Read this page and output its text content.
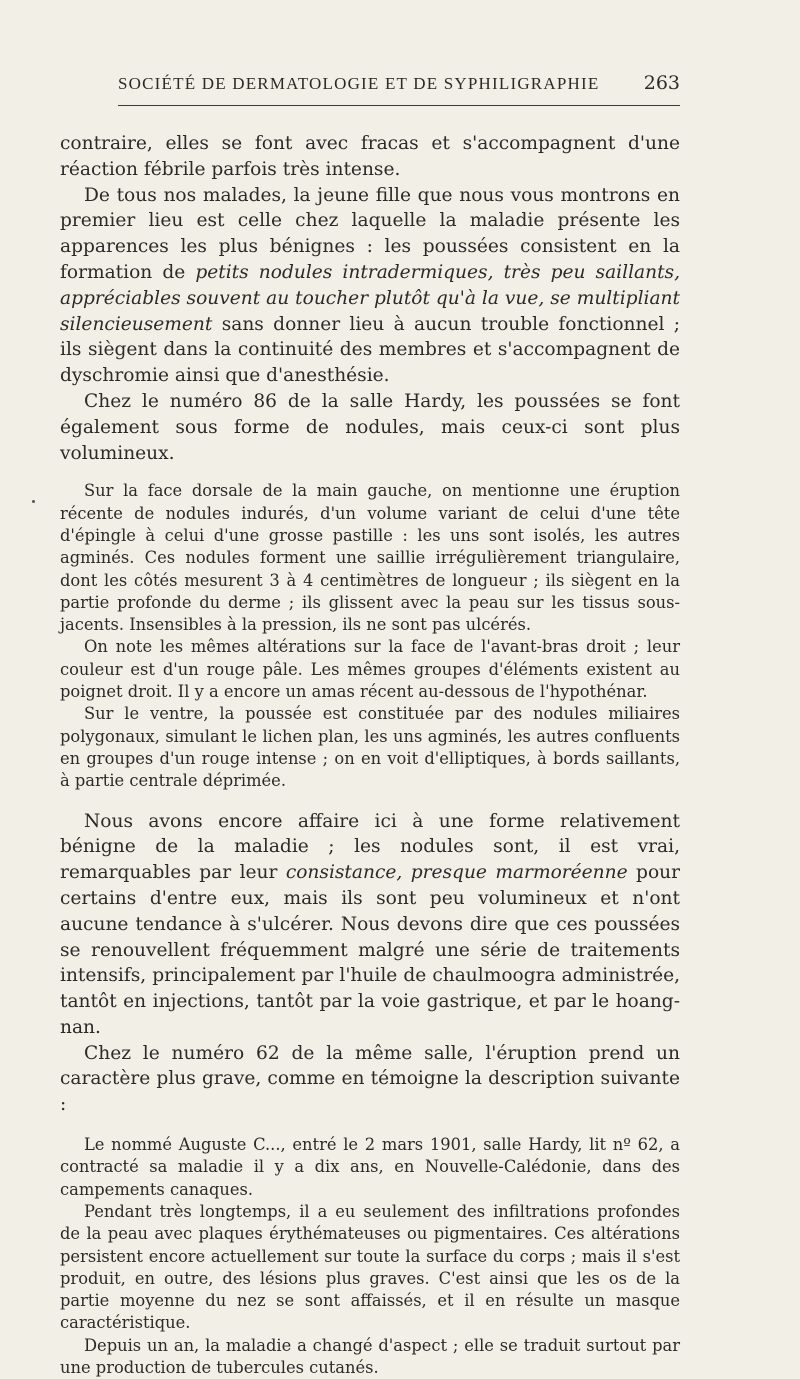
SOCIÉTÉ DE DERMATOLOGIE ET DE SYPHILIGRAPHIE 263

contraire, elles se font avec fracas et s'accompagnent d'une réaction fébrile parfois très intense.

De tous nos malades, la jeune fille que nous vous montrons en premier lieu est celle chez laquelle la maladie présente les apparences les plus bénignes : les poussées consistent en la formation de petits nodules intradermiques, très peu saillants, appréciables souvent au toucher plutôt qu'à la vue, se multipliant silencieusement sans donner lieu à aucun trouble fonctionnel ; ils siègent dans la continuité des membres et s'accompagnent de dyschromie ainsi que d'anesthésie.

Chez le numéro 86 de la salle Hardy, les poussées se font également sous forme de nodules, mais ceux-ci sont plus volumineux.

Sur la face dorsale de la main gauche, on mentionne une éruption récente de nodules indurés, d'un volume variant de celui d'une tête d'épingle à celui d'une grosse pastille : les uns sont isolés, les autres agminés. Ces nodules forment une saillie irrégulièrement triangulaire, dont les côtés mesurent 3 à 4 centimètres de longueur ; ils siègent en la partie profonde du derme ; ils glissent avec la peau sur les tissus sous-jacents. Insensibles à la pression, ils ne sont pas ulcérés.

On note les mêmes altérations sur la face de l'avant-bras droit ; leur couleur est d'un rouge pâle. Les mêmes groupes d'éléments existent au poignet droit. Il y a encore un amas récent au-dessous de l'hypothénar.

Sur le ventre, la poussée est constituée par des nodules miliaires polygonaux, simulant le lichen plan, les uns agminés, les autres confluents en groupes d'un rouge intense ; on en voit d'elliptiques, à bords saillants, à partie centrale déprimée.

Nous avons encore affaire ici à une forme relativement bénigne de la maladie ; les nodules sont, il est vrai, remarquables par leur consistance, presque marmoréenne pour certains d'entre eux, mais ils sont peu volumineux et n'ont aucune tendance à s'ulcérer. Nous devons dire que ces poussées se renouvellent fréquemment malgré une série de traitements intensifs, principalement par l'huile de chaulmoogra administrée, tantôt en injections, tantôt par la voie gastrique, et par le hoang-nan.

Chez le numéro 62 de la même salle, l'éruption prend un caractère plus grave, comme en témoigne la description suivante :

Le nommé Auguste C..., entré le 2 mars 1901, salle Hardy, lit nº 62, a contracté sa maladie il y a dix ans, en Nouvelle-Calédonie, dans des campements canaques.

Pendant très longtemps, il a eu seulement des infiltrations profondes de la peau avec plaques érythémateuses ou pigmentaires. Ces altérations persistent encore actuellement sur toute la surface du corps ; mais il s'est produit, en outre, des lésions plus graves. C'est ainsi que les os de la partie moyenne du nez se sont affaissés, et il en résulte un masque caractéristique.

Depuis un an, la maladie a changé d'aspect ; elle se traduit surtout par une production de tubercules cutanés.
